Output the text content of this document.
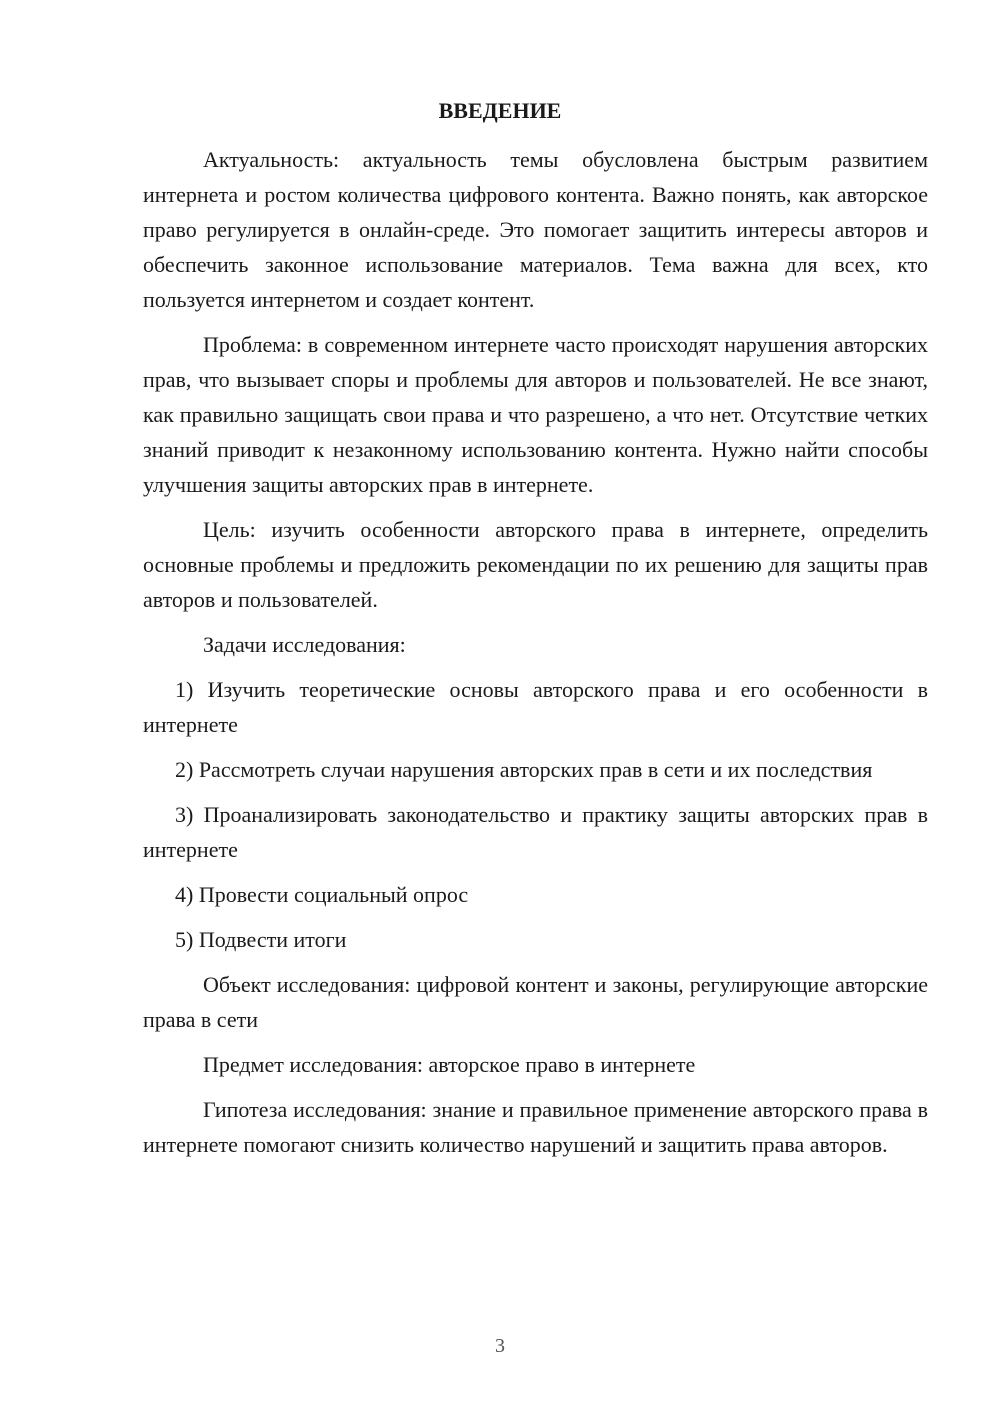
ВВЕДЕНИЕ

Актуальность: актуальность темы обусловлена быстрым развитием интернета и ростом количества цифрового контента. Важно понять, как авторское право регулируется в онлайн-среде. Это помогает защитить интересы авторов и обеспечить законное использование материалов. Тема важна для всех, кто пользуется интернетом и создает контент.

Проблема: в современном интернете часто происходят нарушения авторских прав, что вызывает споры и проблемы для авторов и пользователей. Не все знают, как правильно защищать свои права и что разрешено, а что нет. Отсутствие четких знаний приводит к незаконному использованию контента. Нужно найти способы улучшения защиты авторских прав в интернете.

Цель: изучить особенности авторского права в интернете, определить основные проблемы и предложить рекомендации по их решению для защиты прав авторов и пользователей.

Задачи исследования:

1) Изучить теоретические основы авторского права и его особенности в интернете

2) Рассмотреть случаи нарушения авторских прав в сети и их последствия

3) Проанализировать законодательство и практику защиты авторских прав в интернете

4) Провести социальный опрос

5) Подвести итоги

Объект исследования: цифровой контент и законы, регулирующие авторские права в сети

Предмет исследования: авторское право в интернете

Гипотеза исследования: знание и правильное применение авторского права в интернете помогают снизить количество нарушений и защитить права авторов.

3
